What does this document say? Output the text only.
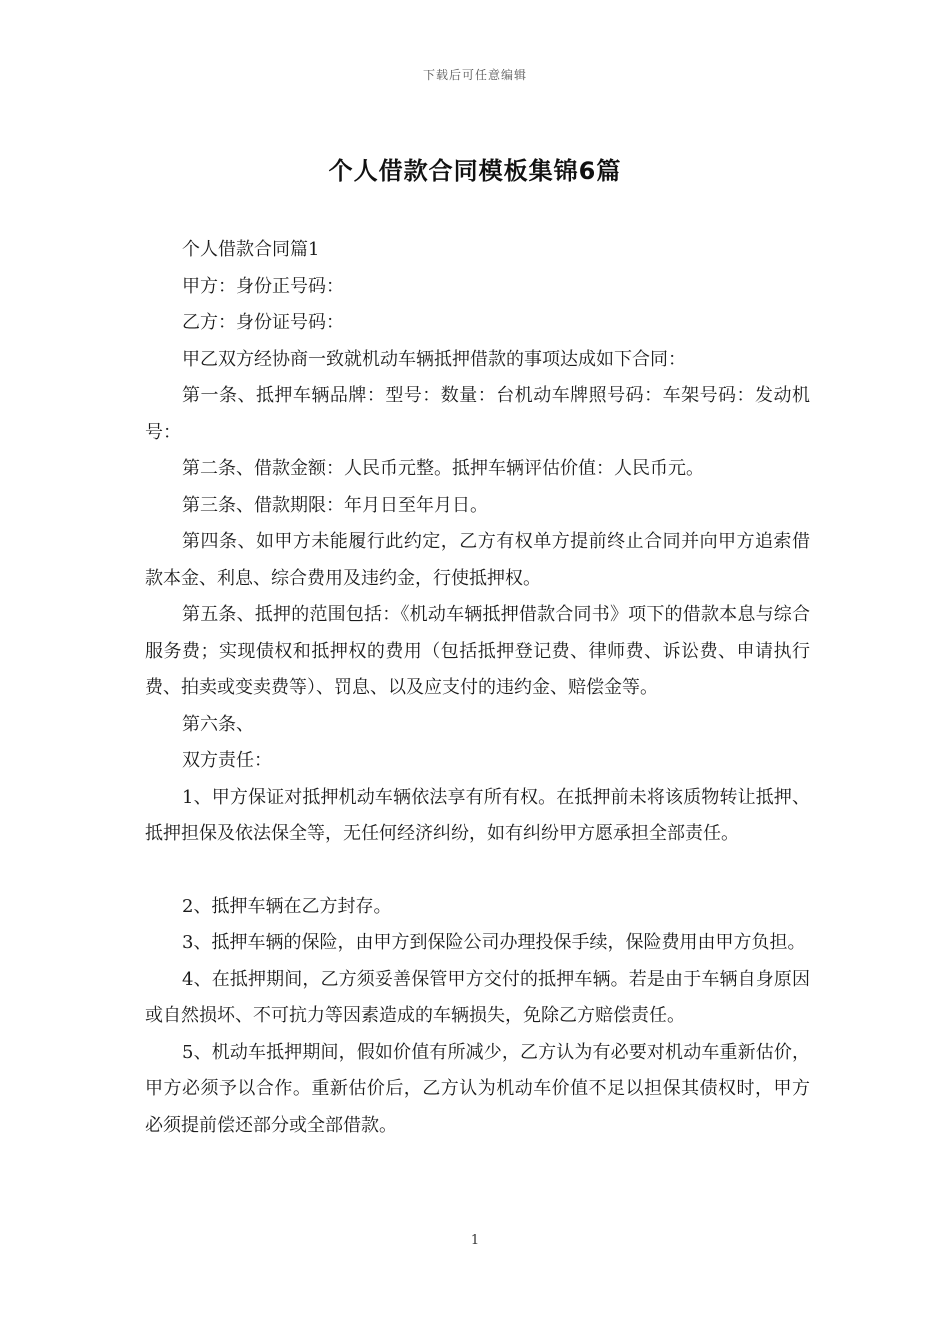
下载后可任意编辑
个人借款合同模板集锦6篇

个人借款合同篇1

甲方：身份正号码：

乙方：身份证号码：

甲乙双方经协商一致就机动车辆抵押借款的事项达成如下合同：

第一条、抵押车辆品牌：型号：数量：台机动车牌照号码：车架号码：发动机号：

第二条、借款金额：人民币元整。抵押车辆评估价值：人民币元。

第三条、借款期限：年月日至年月日。

第四条、如甲方未能履行此约定，乙方有权单方提前终止合同并向甲方追索借款本金、利息、综合费用及违约金，行使抵押权。

第五条、抵押的范围包括：《机动车辆抵押借款合同书》项下的借款本息与综合服务费；实现债权和抵押权的费用（包括抵押登记费、律师费、诉讼费、申请执行费、拍卖或变卖费等）、罚息、以及应支付的违约金、赔偿金等。

第六条、

双方责任：

1、甲方保证对抵押机动车辆依法享有所有权。在抵押前未将该质物转让抵押、抵押担保及依法保全等，无任何经济纠纷，如有纠纷甲方愿承担全部责任。

2、抵押车辆在乙方封存。

3、抵押车辆的保险，由甲方到保险公司办理投保手续，保险费用由甲方负担。

4、在抵押期间，乙方须妥善保管甲方交付的抵押车辆。若是由于车辆自身原因或自然损坏、不可抗力等因素造成的车辆损失，免除乙方赔偿责任。

5、机动车抵押期间，假如价值有所减少，乙方认为有必要对机动车重新估价，甲方必须予以合作。重新估价后，乙方认为机动车价值不足以担保其债权时，甲方必须提前偿还部分或全部借款。

1
